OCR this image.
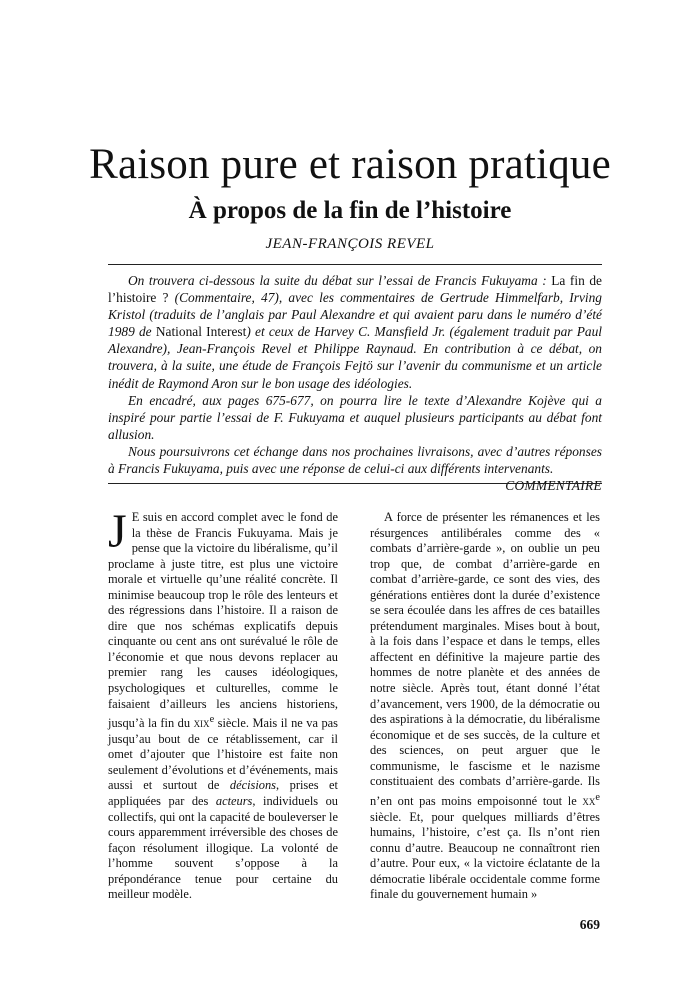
Raison pure et raison pratique
À propos de la fin de l’histoire
JEAN-FRANÇOIS REVEL

On trouvera ci-dessous la suite du débat sur l’essai de Francis Fukuyama : La fin de l’histoire ? (Commentaire, 47), avec les commentaires de Gertrude Himmelfarb, Irving Kristol (traduits de l’anglais par Paul Alexandre et qui avaient paru dans le numéro d’été 1989 de National Interest) et ceux de Harvey C. Mansfield Jr. (également traduit par Paul Alexandre), Jean-François Revel et Philippe Raynaud. En contribution à ce débat, on trouvera, à la suite, une étude de François Fejtö sur l’avenir du communisme et un article inédit de Raymond Aron sur le bon usage des idéologies.

En encadré, aux pages 675-677, on pourra lire le texte d’Alexandre Kojève qui a inspiré pour partie l’essai de F. Fukuyama et auquel plusieurs participants au débat font allusion.

Nous poursuivrons cet échange dans nos prochaines livraisons, avec d’autres réponses à Francis Fukuyama, puis avec une réponse de celui-ci aux différents intervenants.

COMMENTAIRE

J E suis en accord complet avec le fond de la thèse de Francis Fukuyama. Mais je pense que la victoire du libéralisme, qu’il proclame à juste titre, est plus une victoire morale et virtuelle qu’une réalité concrète. Il minimise beaucoup trop le rôle des lenteurs et des régressions dans l’histoire. Il a raison de dire que nos schémas explicatifs depuis cinquante ou cent ans ont surévalué le rôle de l’économie et que nous devons replacer au premier rang les causes idéologiques, psychologiques et culturelles, comme le faisaient d’ailleurs les anciens historiens, jusqu’à la fin du xix$^e$ siècle. Mais il ne va pas jusqu’au bout de ce rétablissement, car il omet d’ajouter que l’histoire est faite non seulement d’évolutions et d’événements, mais aussi et surtout de décisions, prises et appliquées par des acteurs, individuels ou collectifs, qui ont la capacité de bouleverser le cours apparemment irréversible des choses de façon résolument illogique. La volonté de l’homme souvent s’oppose à la prépondérance tenue pour certaine du meilleur modèle.

A force de présenter les rémanences et les résurgences antilibérales comme des « combats d’arrière-garde », on oublie un peu trop que, de combat d’arrière-garde en combat d’arrière-garde, ce sont des vies, des générations entières dont la durée d’existence se sera écoulée dans les affres de ces batailles prétendument marginales. Mises bout à bout, à la fois dans l’espace et dans le temps, elles affectent en définitive la majeure partie des hommes de notre planète et des années de notre siècle. Après tout, étant donné l’état d’avancement, vers 1900, de la démocratie ou des aspirations à la démocratie, du libéralisme économique et de ses succès, de la culture et des sciences, on peut arguer que le communisme, le fascisme et le nazisme constituaient des combats d’arrière-garde. Ils n’en ont pas moins empoisonné tout le $xx^e$ siècle. Et, pour quelques milliards d’êtres humains, l’histoire, c’est ça. Ils n’ont rien connu d’autre. Beaucoup ne connaîtront rien d’autre. Pour eux, « la victoire éclatante de la démocratie libérale occidentale comme forme finale du gouvernement humain »

669
